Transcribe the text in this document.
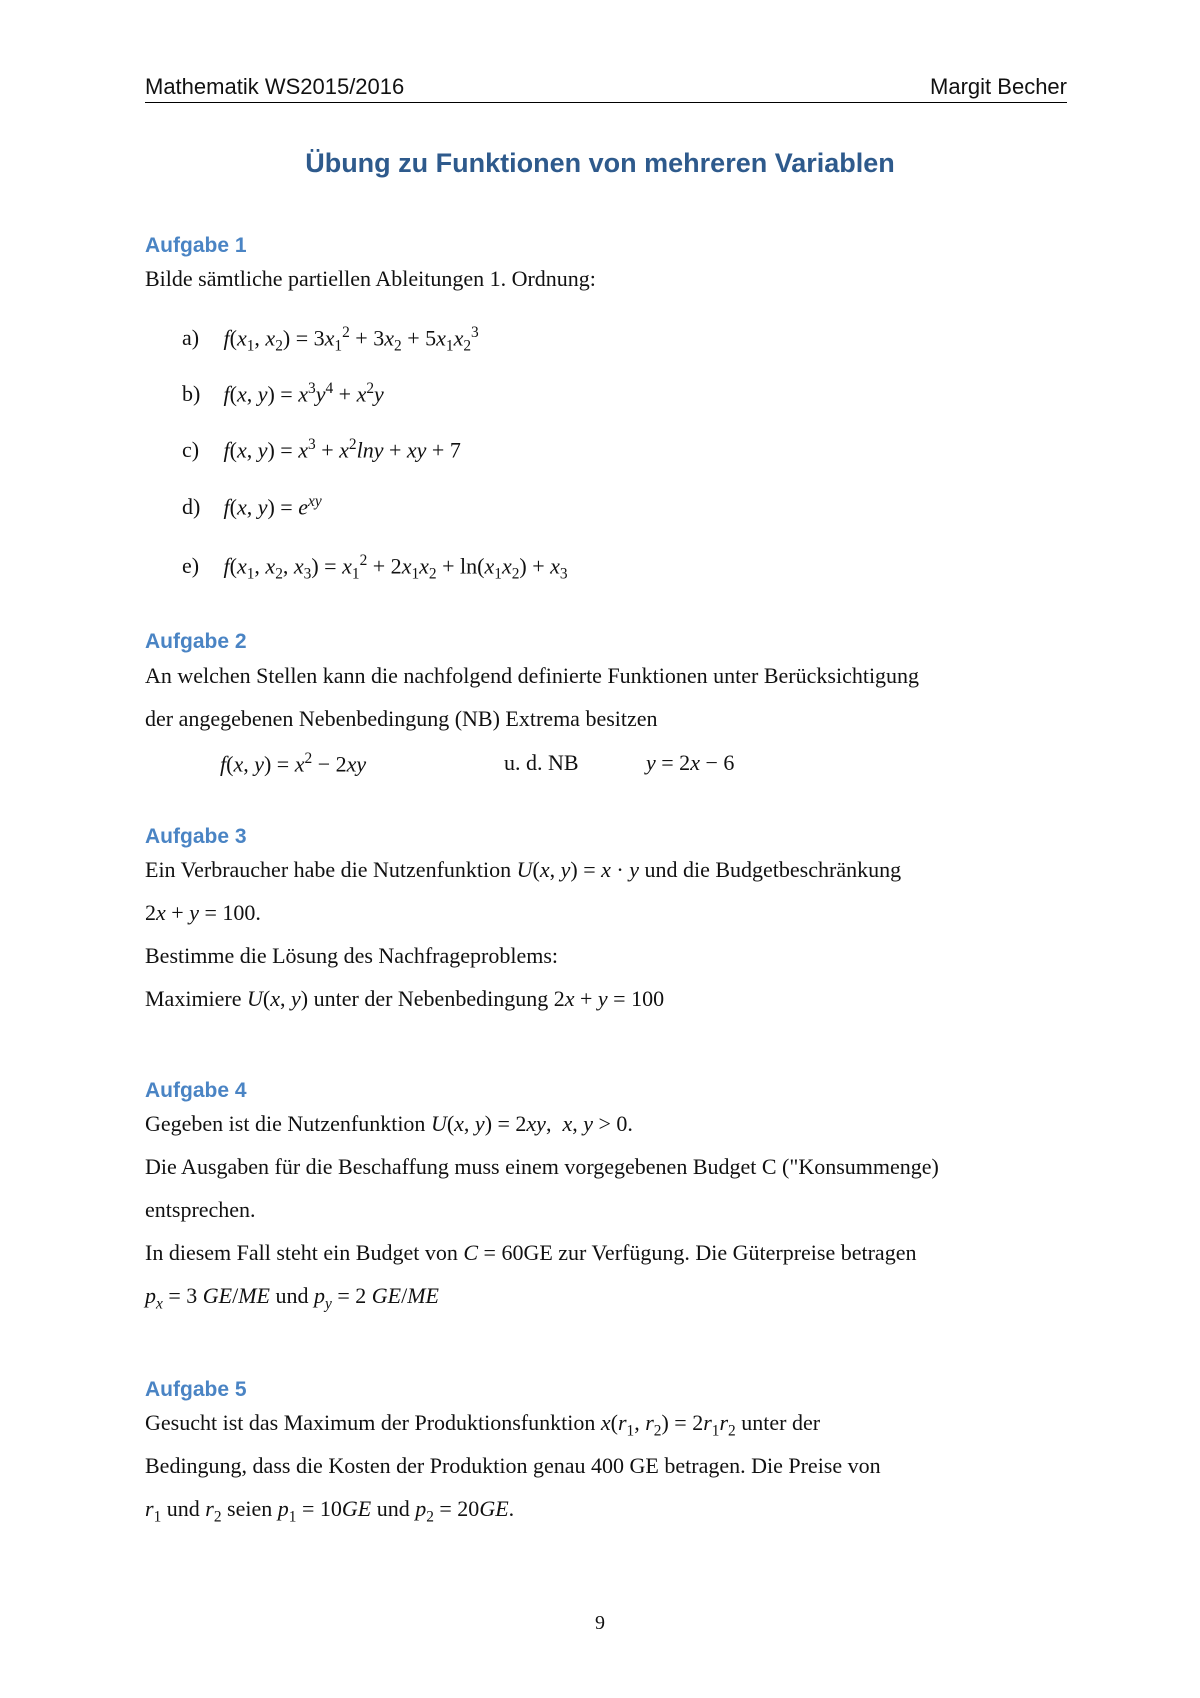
Mathematik WS2015/2016	Margit Becher
Übung zu Funktionen von mehreren Variablen
Aufgabe 1
Bilde sämtliche partiellen Ableitungen 1. Ordnung:
a) $f(x_1$, $x_2) = 3x_1^2 + 3x_2 + 5x_1x_2^3$
b) f(x, $y) = x^3y^4 + x^2y$
c) f(x, $y) = x^3 + x^2\ln y$ + xy + 7
d) f(x, $y) = e^{xy}$
e) $f(x_1$, $x_2$, $x_3) = x_1^2 + 2x_1x_2 + \ln(x_1x_2) + x_3$
Aufgabe 2
An welchen Stellen kann die nachfolgend definierte Funktionen unter Berücksichtigung
der angegebenen Nebenbedingung (NB) Extrema besitzen
f(x, $y) = x^2 - 2xy$	u. d. NB	y = 2x − 6
Aufgabe 3
Ein Verbraucher habe die Nutzenfunktion U(x, y) = x · y und die Budgetbeschränkung
2x + y = 100.
Bestimme die Lösung des Nachfrageproblems:
Maximiere U(x, y) unter der Nebenbedingung 2x + y = 100
Aufgabe 4
Gegeben ist die Nutzenfunktion U(x, y) = 2xy,  x, y > 0.
Die Ausgaben für die Beschaffung muss einem vorgegebenen Budget C ("Konsummenge)
entsprechen.
In diesem Fall steht ein Budget von C = 60GE zur Verfügung. Die Güterpreise betragen
$p_x = 3$ GE/ME und $p_y = 2$ GE/ME
Aufgabe 5
Gesucht ist das Maximum der Produktionsfunktion $x(r_1$, $r_2) = 2r_1r_2$ unter der
Bedingung, dass die Kosten der Produktion genau 400 GE betragen. Die Preise von
$r_1$ und $r_2$ seien $p_1 = 10GE$ und $p_2 = 20GE$.
9
